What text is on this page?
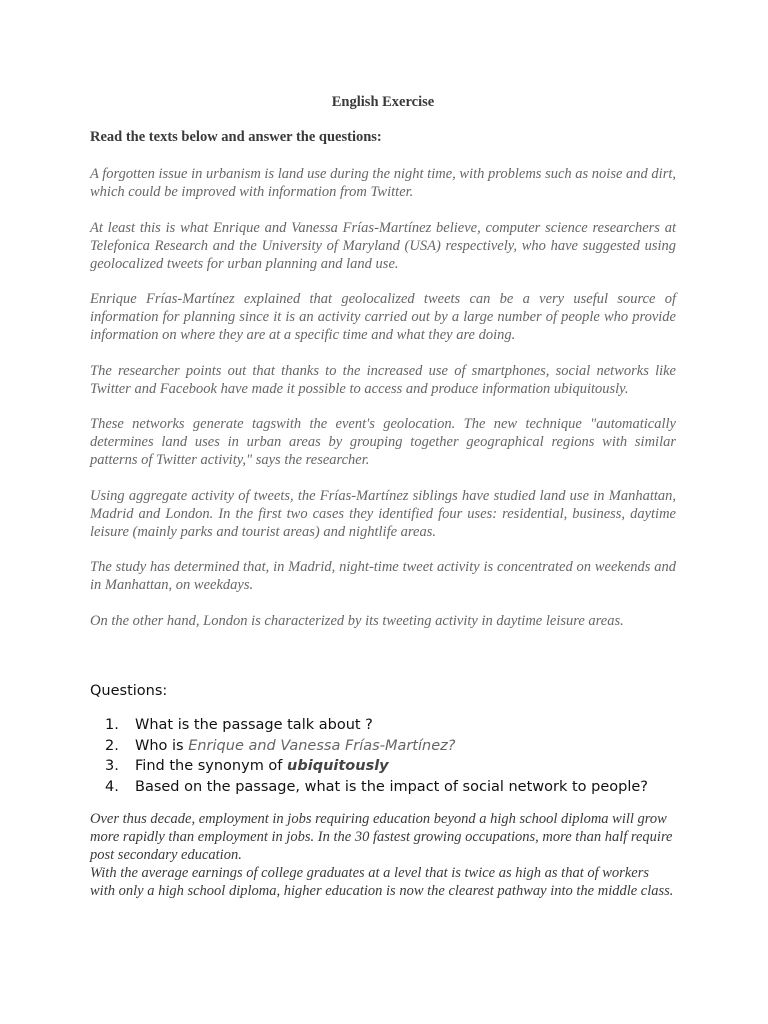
English Exercise
Read the texts below and answer the questions:

A forgotten issue in urbanism is land use during the night time, with problems such as noise and dirt, which could be improved with information from Twitter.

At least this is what Enrique and Vanessa Frías-Martínez believe, computer science researchers at Telefonica Research and the University of Maryland (USA) respectively, who have suggested using geolocalized tweets for urban planning and land use.

Enrique Frías-Martínez explained that geolocalized tweets can be a very useful source of information for planning since it is an activity carried out by a large number of people who provide information on where they are at a specific time and what they are doing.

The researcher points out that thanks to the increased use of smartphones, social networks like Twitter and Facebook have made it possible to access and produce information ubiquitously.

These networks generate tagswith the event's geolocation. The new technique "automatically determines land uses in urban areas by grouping together geographical regions with similar patterns of Twitter activity," says the researcher.

Using aggregate activity of tweets, the Frías-Martínez siblings have studied land use in Manhattan, Madrid and London. In the first two cases they identified four uses: residential, business, daytime leisure (mainly parks and tourist areas) and nightlife areas.

The study has determined that, in Madrid, night-time tweet activity is concentrated on weekends and in Manhattan, on weekdays.

On the other hand, London is characterized by its tweeting activity in daytime leisure areas.

Questions:
1. What is the passage talk about ?
2. Who is Enrique and Vanessa Frías-Martínez?
3. Find the synonym of ubiquitously
4. Based on the passage, what is the impact of social network to people?

Over thus decade, employment in jobs requiring education beyond a high school diploma will grow more rapidly than employment in jobs. In the 30 fastest growing occupations, more than half require post secondary education.

With the average earnings of college graduates at a level that is twice as high as that of workers with only a high school diploma, higher education is now the clearest pathway into the middle class.
